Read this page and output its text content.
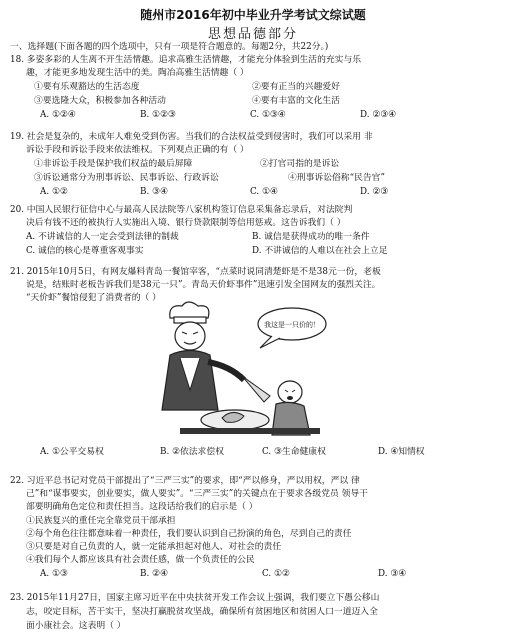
随州市2016年初中毕业升学考试文综试题
思想品德部分
一、选择题(下面各题的四个选项中，只有一项是符合题意的。每题2分，共22分。)
18. 多姿多彩的人生离不开生活情趣。追求高雅生活情趣，才能充分体验到生活的充实与乐
趣，才能更多地发现生活中的美。陶冶高雅生活情趣（ ）
①要有乐观豁达的生活态度	②要有正当的兴趣爱好
③要选隆大众，积极参加各种活动	④要有丰富的文化生活
A. ①②④	B. ①②③	C. ①③④	D. ②③④
19. 社会是复杂的，未成年人难免受到伤害。当我们的合法权益受到侵害时，我们可以采用 非
诉讼手段和诉讼手段来依法维权。下列观点正确的有（ ）
①非诉讼手段是保护我们权益的最后屏障	②打官司指的是诉讼
③诉讼通常分为刑事诉讼、民事诉讼、行政诉讼	④刑事诉讼俗称“民告官”
A. ①②	B. ③④	C. ①④	D. ②③
20. 中国人民银行征信中心与最高人民法院等八家机构签订信息采集备忘录后，对法院判
决后有钱不还的被执行人实施出入境、银行贷款限制等信用惩戒。这告诉我们（ ）
A. 不讲诚信的人一定会受到法律的制裁	B. 诚信是获得成功的唯一条件
C. 诚信的核心是尊重客观事实	D. 不讲诚信的人难以在社会上立足
21. 2015年10月5日，有网友爆料青岛一餐馆宰客，“点菜时说同清楚虾是不是38元一份，老板
说是，结账时老板告诉我们是38元一只”。青岛天价虾事件”迅速引发全国网友的强烈关注。
“天价虾”餐馆侵犯了消费者的（ ）
我这是一只价的！
A. ①公平交易权	B. ②依法求偿权	C. ③生命健康权	D. ④知情权
22. 习近平总书记对党员干部提出了“三严三实”的要求，即“严以修身，严以用权，严以 律
己”和“谋事要实，创业要实，做人要实”。“三严三实”的关键点在于要求各级党员 领导干
部要明确角色定位和责任担当。这段话给我们的启示是（ ）
①民族复兴的重任完全靠党员干部承担
②每个角色往往都意味着一种责任，我们要认识到自己扮演的角色，尽到自己的责任
③只要是对自己负责的人，就一定能承担起对他人、对社会的责任
④我们每个人都应该具有社会责任感，做一个负责任的公民
A. ①③	B. ②④	C. ①②	D. ③④
23. 2015年11月27日，国家主席习近平在中央扶贫开发工作会议上强调，我们要立下愚公移山
志，咬定目标，苦干实干，坚决打赢脱贫攻坚战，确保所有贫困地区和贫困人口一道迈入全
面小康社会。这表明（ ）
